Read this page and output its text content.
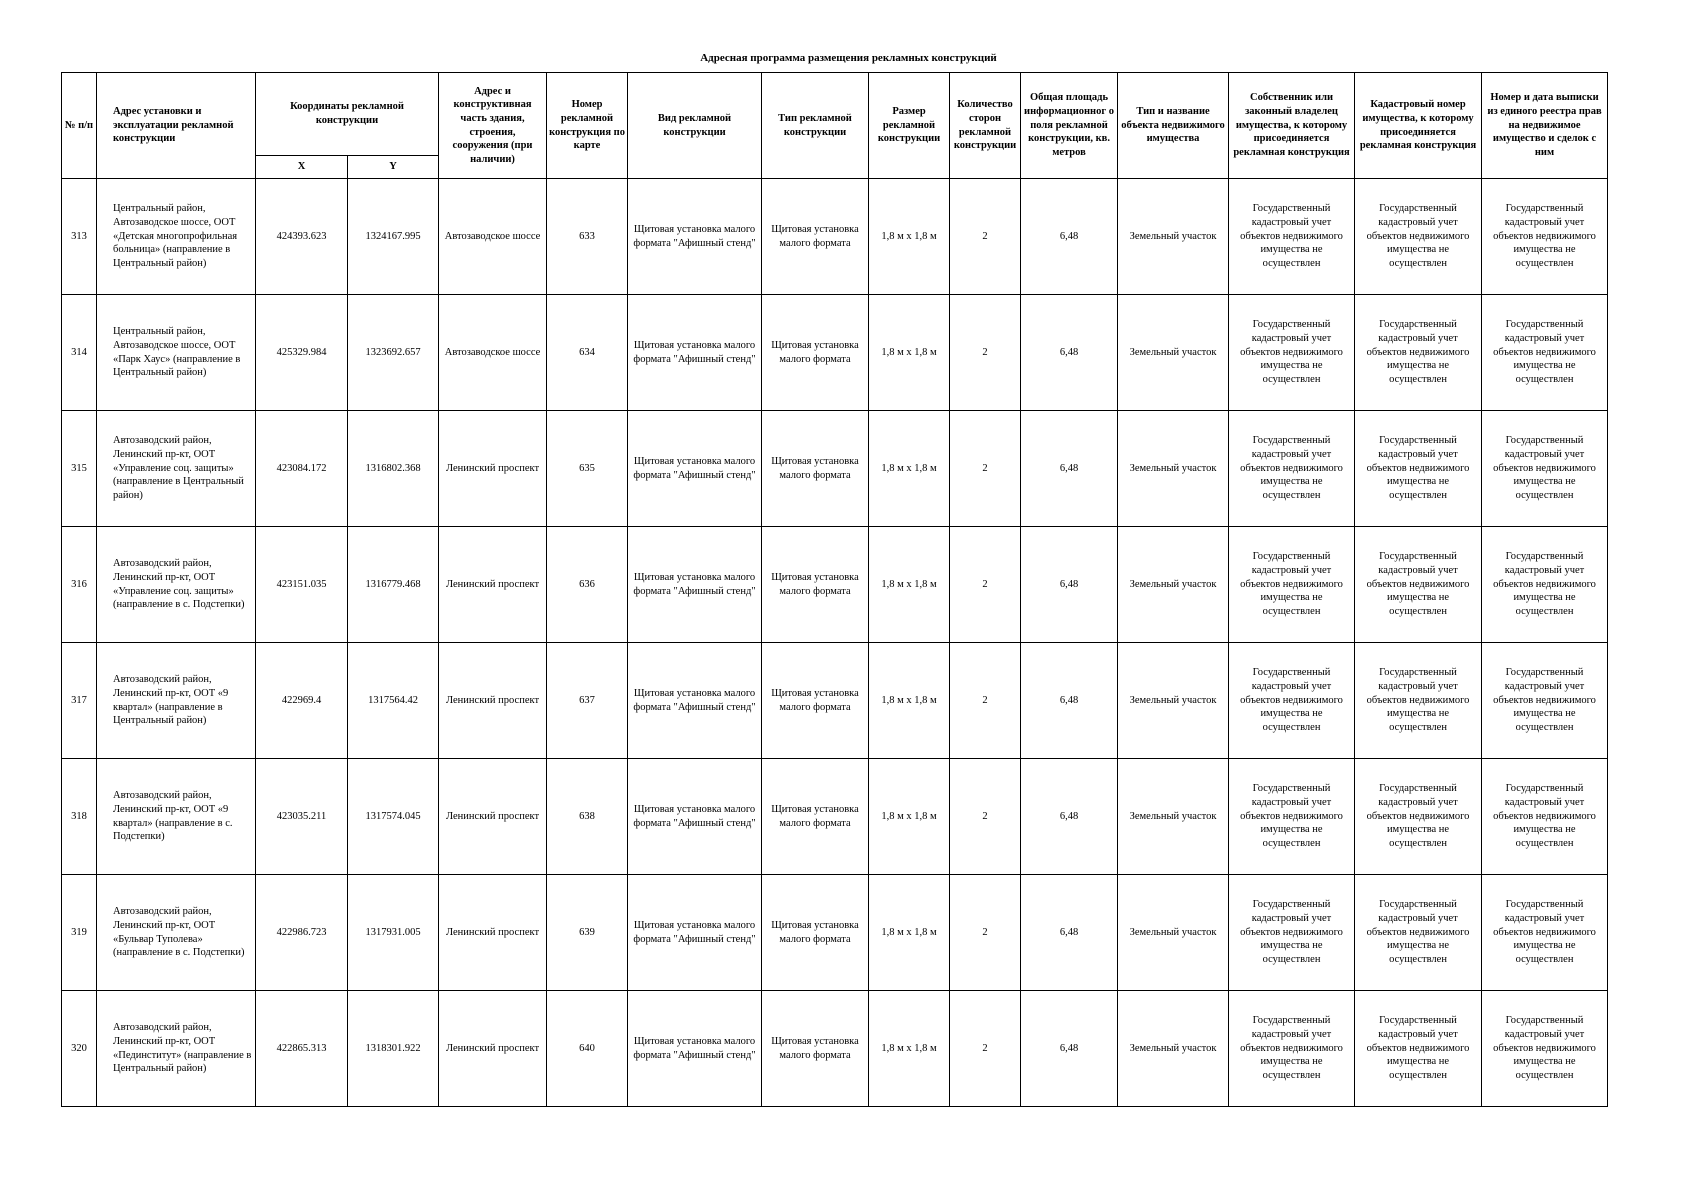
Адресная программа размещения рекламных конструкций
№ п/п	Адрес установки и эксплуатации рекламной конструкции	Координаты рекламной конструкции		Адрес и конструктивная часть здания, строения, сооружения (при наличии)	Номер рекламной конструкция по карте	Вид рекламной конструкции	Тип рекламной конструкции	Размер рекламной конструкции	Количество сторон рекламной конструкции	Общая площадь информационног о поля рекламной конструкции, кв. метров	Тип и название объекта недвижимого имущества	Собственник или законный владелец имущества, к которому присоединяется рекламная конструкция	Кадастровый номер имущества, к которому присоединяется рекламная конструкция	Номер и дата выписки из единого реестра прав на недвижимое имущество и сделок с ним
		X	Y											
313	Центральный район, Автозаводское шоссе, ООТ «Детская многопрофильная больница» (направление в Центральный район)	424393.623	1324167.995	Автозаводское шоссе	633	Щитовая установка малого формата "Афишный стенд"	Щитовая установка малого формата	1,8 м х 1,8 м	2	6,48	Земельный участок	Государственный кадастровый учет объектов недвижимого имущества не осуществлен	Государственный кадастровый учет объектов недвижимого имущества не осуществлен	Государственный кадастровый учет объектов недвижимого имущества не осуществлен
314	Центральный район, Автозаводское шоссе, ООТ «Парк Хаус» (направление в Центральный район)	425329.984	1323692.657	Автозаводское шоссе	634	Щитовая установка малого формата "Афишный стенд"	Щитовая установка малого формата	1,8 м х 1,8 м	2	6,48	Земельный участок	Государственный кадастровый учет объектов недвижимого имущества не осуществлен	Государственный кадастровый учет объектов недвижимого имущества не осуществлен	Государственный кадастровый учет объектов недвижимого имущества не осуществлен
315	Автозаводский район, Ленинский пр-кт, ООТ «Управление соц. защиты» (направление в Центральный район)	423084.172	1316802.368	Ленинский проспект	635	Щитовая установка малого формата "Афишный стенд"	Щитовая установка малого формата	1,8 м х 1,8 м	2	6,48	Земельный участок	Государственный кадастровый учет объектов недвижимого имущества не осуществлен	Государственный кадастровый учет объектов недвижимого имущества не осуществлен	Государственный кадастровый учет объектов недвижимого имущества не осуществлен
316	Автозаводский район, Ленинский пр-кт, ООТ «Управление соц. защиты» (направление в с. Подстепки)	423151.035	1316779.468	Ленинский проспект	636	Щитовая установка малого формата "Афишный стенд"	Щитовая установка малого формата	1,8 м х 1,8 м	2	6,48	Земельный участок	Государственный кадастровый учет объектов недвижимого имущества не осуществлен	Государственный кадастровый учет объектов недвижимого имущества не осуществлен	Государственный кадастровый учет объектов недвижимого имущества не осуществлен
317	Автозаводский район, Ленинский пр-кт, ООТ «9 квартал» (направление в Центральный район)	422969.4	1317564.42	Ленинский проспект	637	Щитовая установка малого формата "Афишный стенд"	Щитовая установка малого формата	1,8 м х 1,8 м	2	6,48	Земельный участок	Государственный кадастровый учет объектов недвижимого имущества не осуществлен	Государственный кадастровый учет объектов недвижимого имущества не осуществлен	Государственный кадастровый учет объектов недвижимого имущества не осуществлен
318	Автозаводский район, Ленинский пр-кт, ООТ «9 квартал» (направление в с. Подстепки)	423035.211	1317574.045	Ленинский проспект	638	Щитовая установка малого формата "Афишный стенд"	Щитовая установка малого формата	1,8 м х 1,8 м	2	6,48	Земельный участок	Государственный кадастровый учет объектов недвижимого имущества не осуществлен	Государственный кадастровый учет объектов недвижимого имущества не осуществлен	Государственный кадастровый учет объектов недвижимого имущества не осуществлен
319	Автозаводский район, Ленинский пр-кт, ООТ «Бульвар Туполева» (направление в с. Подстепки)	422986.723	1317931.005	Ленинский проспект	639	Щитовая установка малого формата "Афишный стенд"	Щитовая установка малого формата	1,8 м х 1,8 м	2	6,48	Земельный участок	Государственный кадастровый учет объектов недвижимого имущества не осуществлен	Государственный кадастровый учет объектов недвижимого имущества не осуществлен	Государственный кадастровый учет объектов недвижимого имущества не осуществлен
320	Автозаводский район, Ленинский пр-кт, ООТ «Пединститут» (направление в Центральный район)	422865.313	1318301.922	Ленинский проспект	640	Щитовая установка малого формата "Афишный стенд"	Щитовая установка малого формата	1,8 м х 1,8 м	2	6,48	Земельный участок	Государственный кадастровый учет объектов недвижимого имущества не осуществлен	Государственный кадастровый учет объектов недвижимого имущества не осуществлен	Государственный кадастровый учет объектов недвижимого имущества не осуществлен
